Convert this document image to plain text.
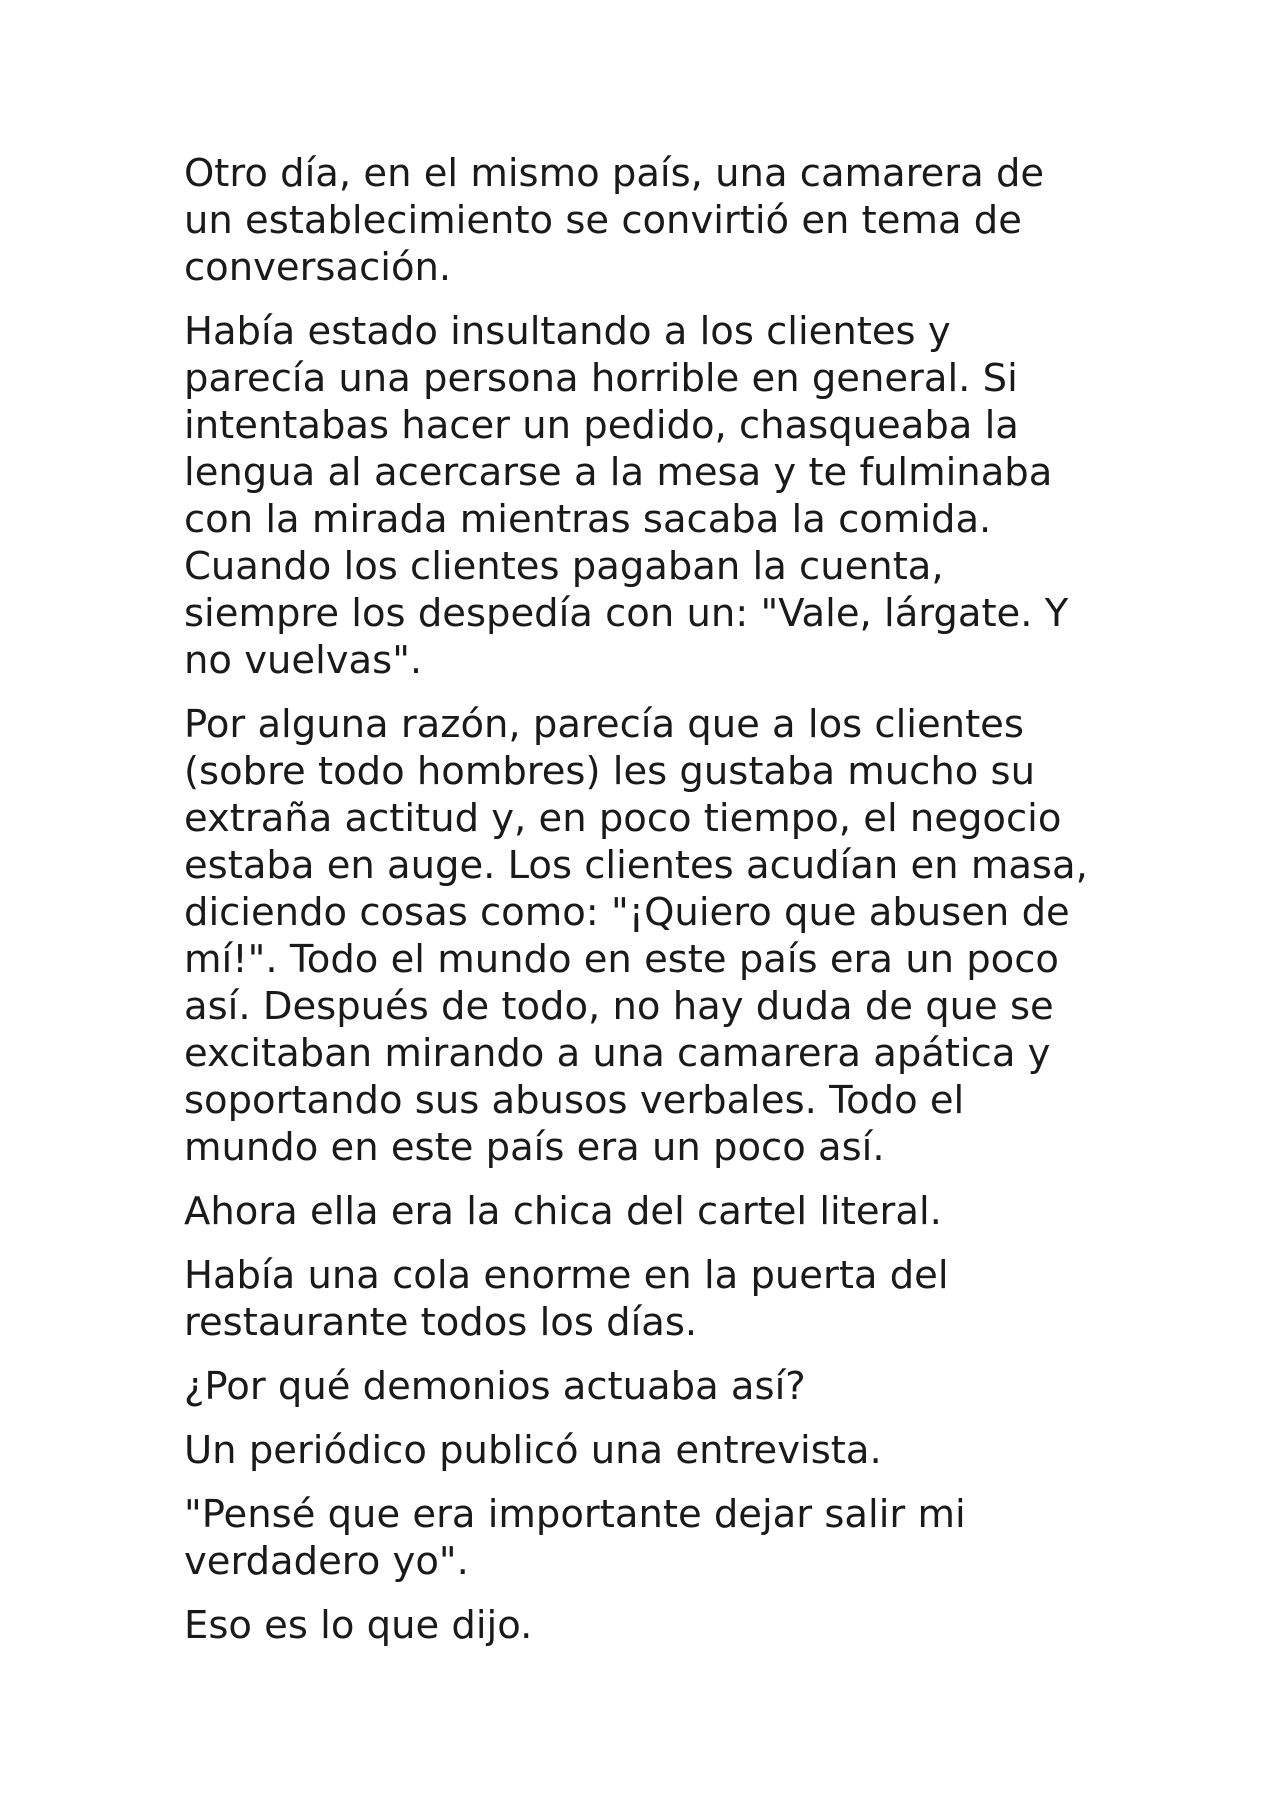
Otro día, en el mismo país, una camarera de
un establecimiento se convirtió en tema de
conversación.

Había estado insultando a los clientes y
parecía una persona horrible en general. Si
intentabas hacer un pedido, chasqueaba la
lengua al acercarse a la mesa y te fulminaba
con la mirada mientras sacaba la comida.
Cuando los clientes pagaban la cuenta,
siempre los despedía con un: "Vale, lárgate. Y
no vuelvas".

Por alguna razón, parecía que a los clientes
(sobre todo hombres) les gustaba mucho su
extraña actitud y, en poco tiempo, el negocio
estaba en auge. Los clientes acudían en masa,
diciendo cosas como: "¡Quiero que abusen de
mí!". Todo el mundo en este país era un poco
así. Después de todo, no hay duda de que se
excitaban mirando a una camarera apática y
soportando sus abusos verbales. Todo el
mundo en este país era un poco así.

Ahora ella era la chica del cartel literal.

Había una cola enorme en la puerta del
restaurante todos los días.

¿Por qué demonios actuaba así?

Un periódico publicó una entrevista.

"Pensé que era importante dejar salir mi
verdadero yo".

Eso es lo que dijo.
